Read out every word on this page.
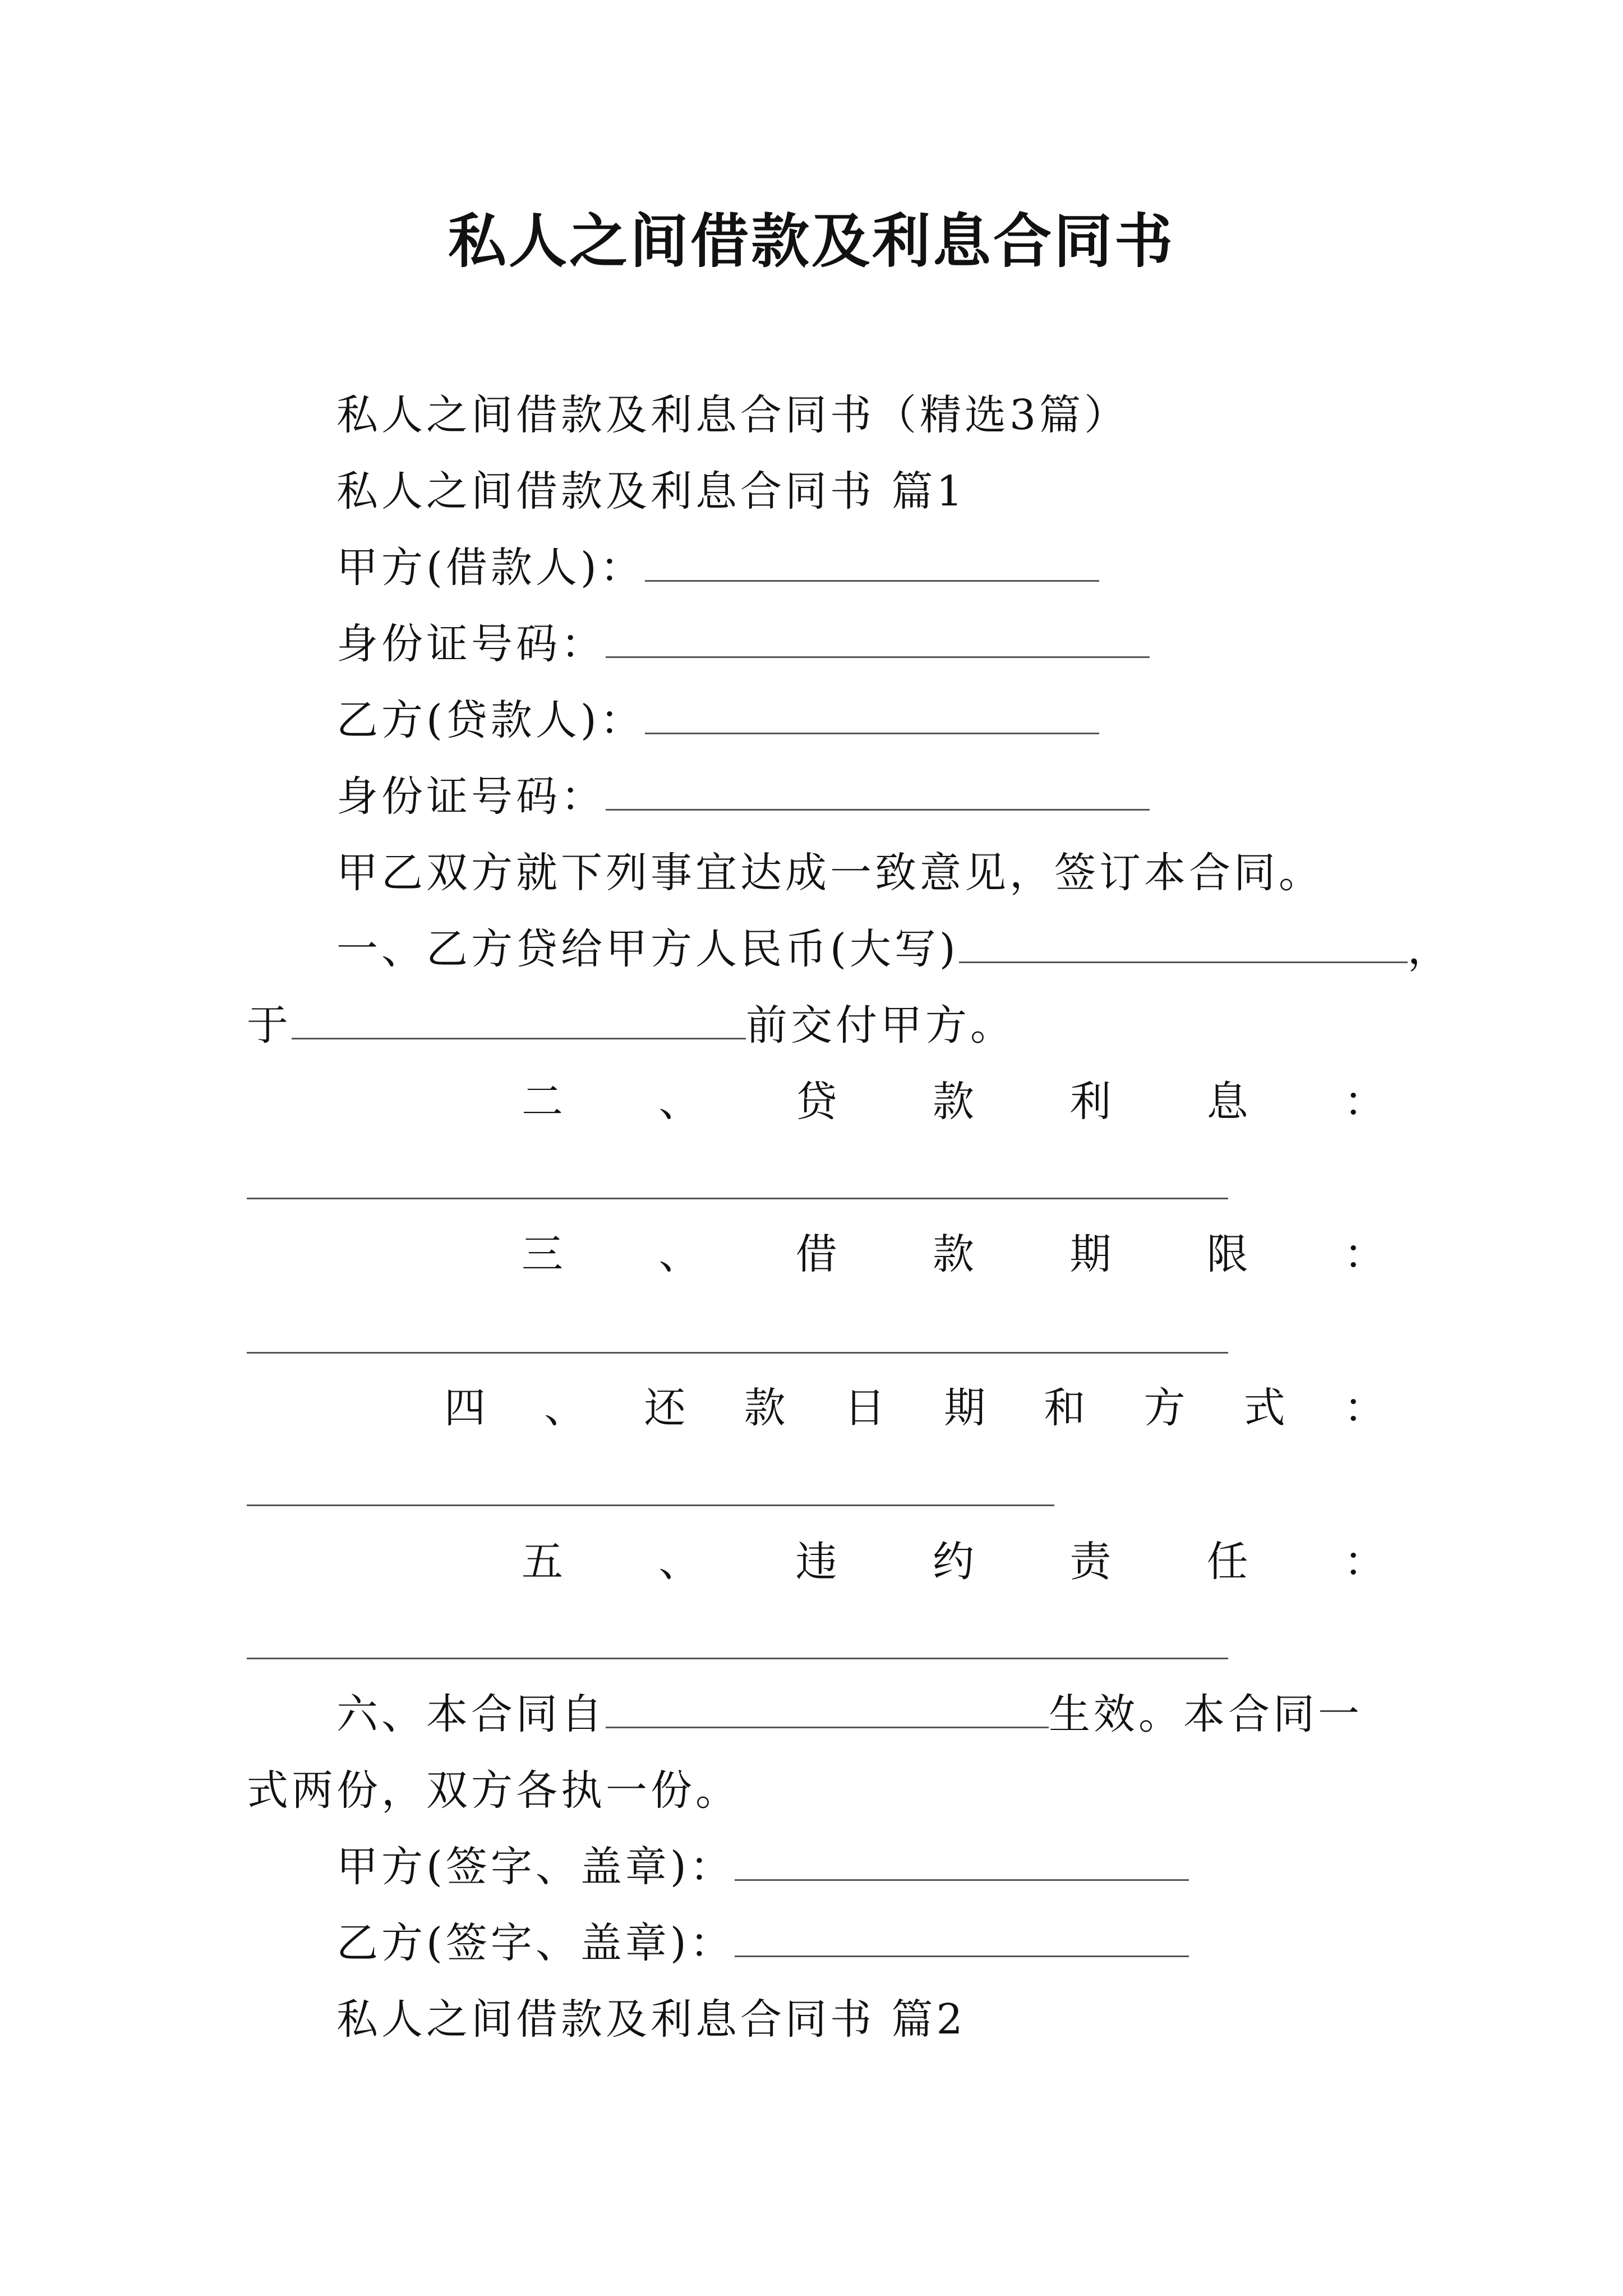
私人之间借款及利息合同书
私人之间借款及利息合同书（精选3篇）
私人之间借款及利息合同书 篇1
甲方(借款人)：
身份证号码：
乙方(贷款人)：
身份证号码：
甲乙双方就下列事宜达成一致意见，签订本合同。
一、乙方贷给甲方人民币(大写)	，
于	前交付甲方。
二 、 贷 款 利 息 ：
三 、 借 款 期 限 ：
四 、 还 款 日 期 和 方 式 ：
五 、 违 约 责 任 ：
六、本合同自	生效。本合同一
式两份，双方各执一份。
甲方(签字、盖章)：
乙方(签字、盖章)：
私人之间借款及利息合同书 篇2
